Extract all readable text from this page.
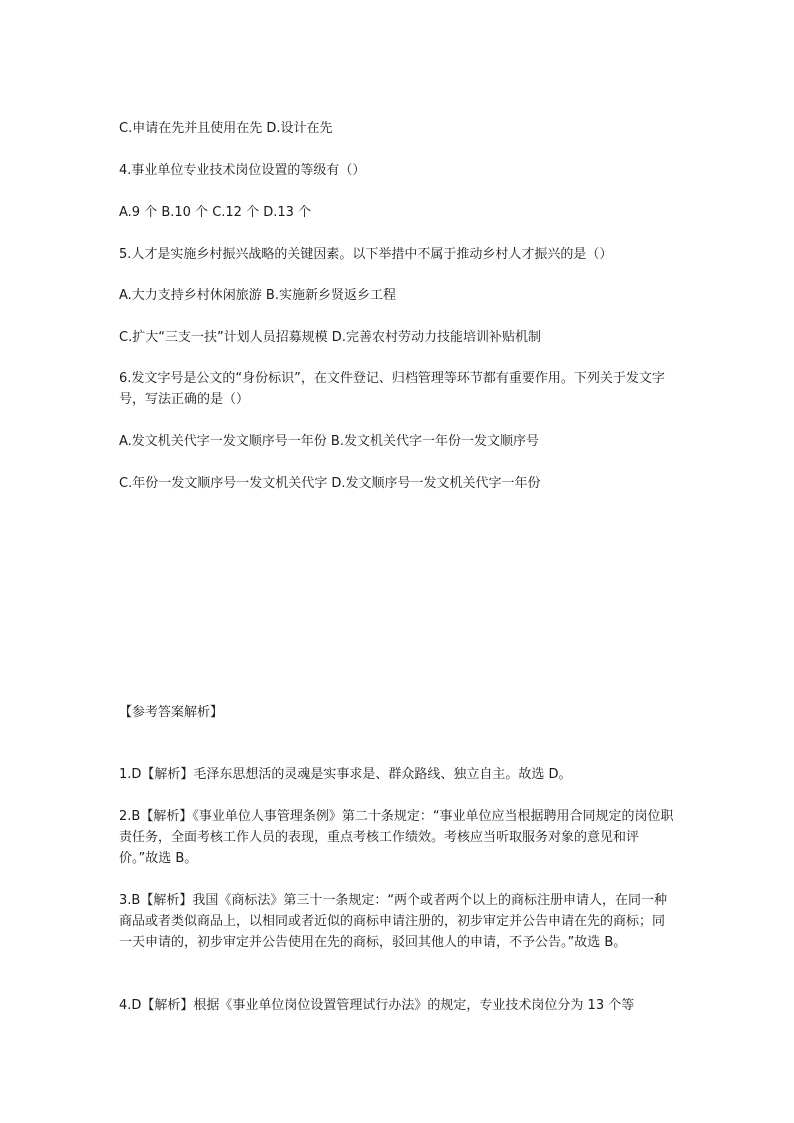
C.申请在先并且使用在先 D.设计在先

4.事业单位专业技术岗位设置的等级有（）

A.9 个 B.10 个 C.12 个 D.13 个

5.人才是实施乡村振兴战略的关键因素。以下举措中不属于推动乡村人才振兴的是（）

A.大力支持乡村休闲旅游 B.实施新乡贤返乡工程

C.扩大“三支一扶”计划人员招募规模 D.完善农村劳动力技能培训补贴机制

6.发文字号是公文的“身份标识”，在文件登记、归档管理等环节都有重要作用。下列关于发文字号，写法正确的是（）

A.发文机关代字一发文顺序号一年份 B.发文机关代字一年份一发文顺序号

C.年份一发文顺序号一发文机关代字 D.发文顺序号一发文机关代字一年份

【参考答案解析】

1.D【解析】毛泽东思想活的灵魂是实事求是、群众路线、独立自主。故选 D。

2.B【解析】《事业单位人事管理条例》第二十条规定：“事业单位应当根据聘用合同规定的岗位职责任务，全面考核工作人员的表现，重点考核工作绩效。考核应当听取服务对象的意见和评价。”故选 B。

3.B【解析】我国《商标法》第三十一条规定：“两个或者两个以上的商标注册申请人，在同一种商品或者类似商品上，以相同或者近似的商标申请注册的，初步审定并公告申请在先的商标；同一天申请的，初步审定并公告使用在先的商标，驳回其他人的申请，不予公告。”故选 B。

4.D【解析】根据《事业单位岗位设置管理试行办法》的规定，专业技术岗位分为 13 个等
